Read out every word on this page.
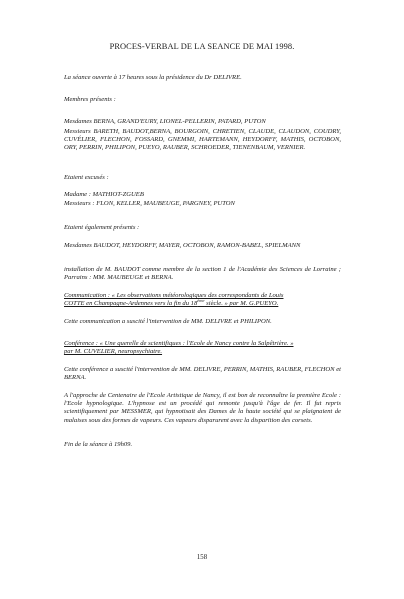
PROCES-VERBAL DE LA SEANCE DE MAI 1998.

La séance ouverte à 17 heures sous la présidence du Dr DELIVRE.

Membres présents :

Mesdames BERNA, GRAND'EURY, LIONEL-PELLERIN, PATARD, PUTON

Messieurs BARETH, BAUDOT,BERNA, BOURGOIN, CHRETIEN, CLAUDE, CLAUDON, COUDRY, CUVÉLIER, FLECHON, FOSSARD, GNEMMI, HARTEMANN, HEYDORFF, MATHIS, OCTOBON, ORY, PERRIN, PHILIPON, PUEYO, RAUBER, SCHROEDER, TIENENBAUM, VERNIER.

Etaient excusés :

Madame : MATHIOT-ZGUEB

Messieurs : FLON, KELLER, MAUBEUGE, PARGNEY, PUTON

Etaient également présents :

Mesdames BAUDOT, HEYDORFF, MAYER, OCTOBON, RAMON-BABEL, SPIELMANN

installation de M. BAUDOT comme membre de la section 1 de l'Académie des Sciences de Lorraine ; Parrains : MM. MAUBEUGE et BERNA.

Communication : « Les observations météorologiques des correspondants de Louis

COTTE en Champagne-Ardennes vers la fin du 18ème siècle. » par M. G.PUEYO.

Cette communication a suscité l'intervention de MM. DELIVRE et PHILIPON.

Conférence : « Une querelle de scientifiques : l'Ecole de Nancy contre la Salpêtrière. »

par M. CUVELIER, neuropsychiatre.

Cette conférence a suscité l'intervention de MM. DELIVRE, PERRIN, MATHIS, RAUBER, FLECHON et BERNA.

A l'approche de Centenaire de l'Ecole Artistique de Nancy, il est bon de reconnaître la première Ecole : l'Ecole hypnologique. L'hypnose est un procédé qui remonte jusqu'à l'âge de fer. Il fut repris scientifiquement par MESSMER, qui hypnotisait des Dames de la haute société qui se plaignaient de malaises sous des formes de vapeurs. Ces vapeurs disparurent avec la disparition des corsets.

Fin de la séance à 19h09.

158
